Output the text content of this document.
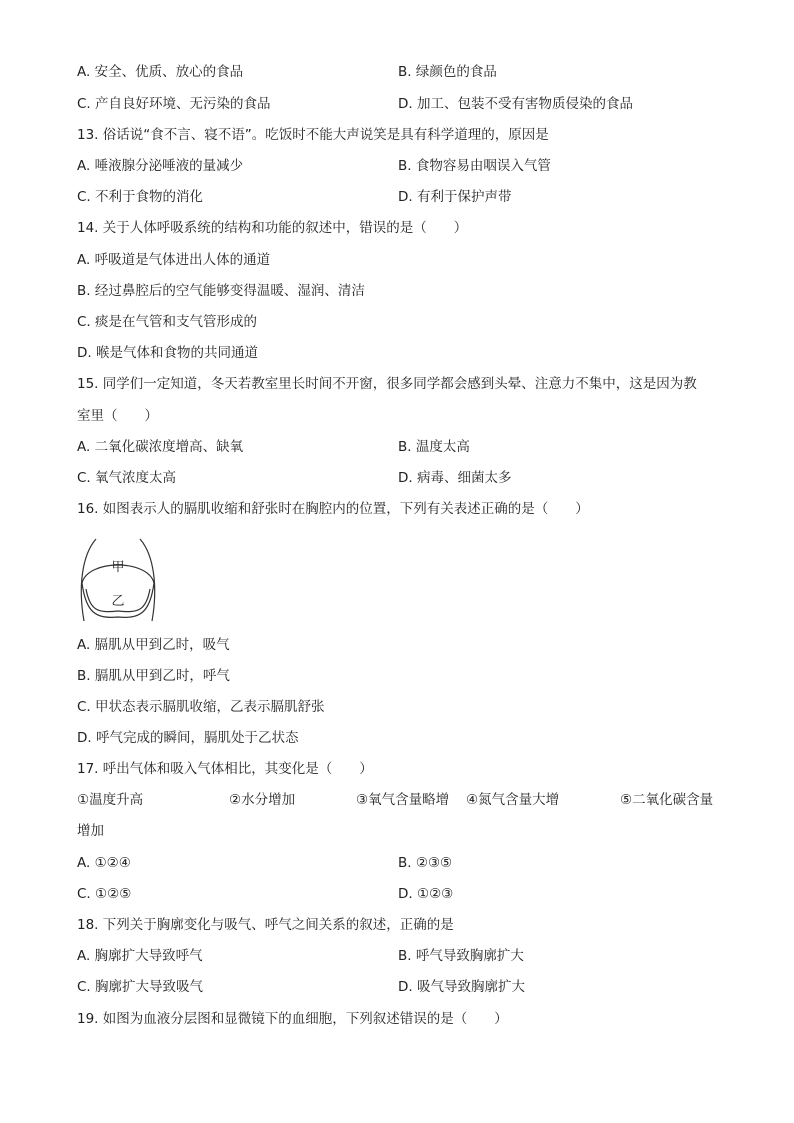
A. 安全、优质、放心的食品	B. 绿颜色的食品
C. 产自良好环境、无污染的食品	D. 加工、包装不受有害物质侵染的食品
13. 俗话说“食不言、寝不语”。吃饭时不能大声说笑是具有科学道理的，原因是
A. 唾液腺分泌唾液的量减少	B. 食物容易由咽误入气管
C. 不利于食物的消化	D. 有利于保护声带
14. 关于人体呼吸系统的结构和功能的叙述中，错误的是（　　）
A. 呼吸道是气体进出人体的通道
B. 经过鼻腔后的空气能够变得温暖、湿润、清洁
C. 痰是在气管和支气管形成的
D. 喉是气体和食物的共同通道
15. 同学们一定知道，冬天若教室里长时间不开窗，很多同学都会感到头晕、注意力不集中，这是因为教
室里（　　）
A. 二氧化碳浓度增高、缺氧	B. 温度太高
C. 氧气浓度太高	D. 病毒、细菌太多
16. 如图表示人的膈肌收缩和舒张时在胸腔内的位置，下列有关表述正确的是（　　）
甲
乙
A. 膈肌从甲到乙时，吸气
B. 膈肌从甲到乙时，呼气
C. 甲状态表示膈肌收缩，乙表示膈肌舒张
D. 呼气完成的瞬间，膈肌处于乙状态
17. 呼出气体和吸入气体相比，其变化是（　　）
①温度升高	②水分增加	③氧气含量略增 ④氮气含量大增	⑤二氧化碳含量
增加
A. ①②④	B. ②③⑤
C. ①②⑤	D. ①②③
18. 下列关于胸廓变化与吸气、呼气之间关系的叙述，正确的是
A. 胸廓扩大导致呼气	B. 呼气导致胸廓扩大
C. 胸廓扩大导致吸气	D. 吸气导致胸廓扩大
19. 如图为血液分层图和显微镜下的血细胞，下列叙述错误的是（　　）
